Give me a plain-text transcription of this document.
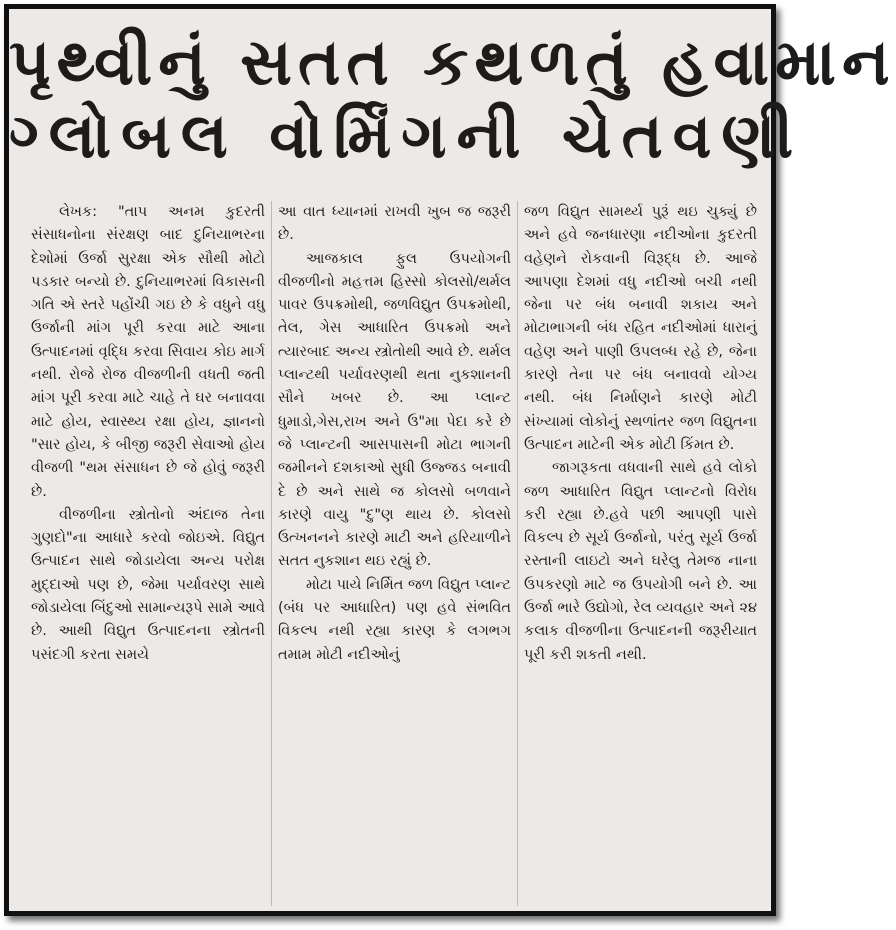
પૃથ્વીનું સતત કથળતું હવામાન
ગ્લોબલ વોર્મિંગની ચેતવણી

લેખક: "તાપ અનમ કુદરતી સંસાધનોના સંરક્ષણ બાદ દુનિયાભરના દેશોમાં ઉર્જા સુરક્ષા એક સૌથી મોટો પડકાર બન્યો છે. દુનિયાભરમાં વિકાસની ગતિ એ સ્તરે પહોંચી ગઇ છે કે વધુને વધુ ઉર્જાની માંગ પૂરી કરવા માટે આના ઉત્પાદનમાં વૃદ્ધિ કરવા સિવાય કોઇ માર્ગ નથી. રોજે રોજ વીજળીની વધતી જતી માંગ પૂરી કરવા માટે ચાહે તે ઘર બનાવવા માટે હોય, સ્વાસ્થ્ય રક્ષા હોય, જ્ઞાનનો "સાર હોય, કે બીજી જરૂરી સેવાઓ હોય વીજળી "થમ સંસાધન છે જે હોવું જરૂરી છે.

વીજળીના સ્ત્રોતોનો અંદાજ તેના ગુણદો"ના આધારે કરવો જોઇએ. વિદ્યુત ઉત્પાદન સાથે જોડાયેલા અન્ય પરોક્ષ મુદ્દાઓ પણ છે, જેમા પર્યાવરણ સાથે જોડાયેલા બિંદુઓ સામાન્યરૂપે સામે આવે છે. આથી વિદ્યુત ઉત્પાદનના સ્ત્રોતની પસંદગી કરતા સમયે

આ વાત ધ્યાનમાં રાખવી ખુબ જ જરૂરી છે.

આજકાલ ફુલ ઉપયોગની વીજળીનો મહત્તમ હિસ્સો કોલસો/થર્મલ પાવર ઉપક્રમોથી, જળવિદ્યુત ઉપક્રમોથી, તેલ, ગેસ આધારિત ઉપક્રમો અને ત્યારબાદ અન્ય સ્ત્રોતોથી આવે છે. થર્મલ પ્લાન્ટથી પર્યાવરણથી થતા નુકશાનની સૌને ખબર છે. આ પ્લાન્ટ ધુમાડો,ગેસ,રાખ અને ઉ"મા પેદા કરે છે જે પ્લાન્ટની આસપાસની મોટા ભાગની જમીનને દશકાઓ સુધી ઉજ્જડ બનાવી દે છે અને સાથે જ કોલસો બળવાને કારણે વાયુ "દુ"ણ થાય છે. કોલસો ઉત્ખનનને કારણે માટી અને હરિયાળીને સતત નુકશાન થઇ રહ્યું છે.

મોટા પાયે નિર્મિત જળ વિદ્યુત પ્લાન્ટ (બંધ પર આધારિત) પણ હવે સંભવિત વિકલ્પ નથી રહ્યા કારણ કે લગભગ તમામ મોટી નદીઓનું

જળ વિદ્યુત સામર્થ્ય પુરૂં થઇ ચુક્યું છે અને હવે જનધારણા નદીઓના કુદરતી વહેણને રોકવાની વિરૂદ્ધ છે. આજે આપણા દેશમાં વધુ નદીઓ બચી નથી જેના પર બંધ બનાવી શકાય અને મોટાભાગની બંધ રહિત નદીઓમાં ધારાનું વહેણ અને પાણી ઉપલબ્ધ રહે છે, જેના કારણે તેના પર બંધ બનાવવો યોગ્ય નથી. બંધ નિર્માણને કારણે મોટી સંખ્યામાં લોકોનું સ્થળાંતર જળ વિદ્યુતના ઉત્પાદન માટેની એક મોટી કિંમત છે.

જાગરૂકતા વધવાની સાથે હવે લોકો જળ આધારિત વિદ્યુત પ્લાન્ટનો વિરોધ કરી રહ્યા છે.હવે પછી આપણી પાસે વિકલ્પ છે સૂર્ય ઉર્જાનો, પરંતુ સૂર્ય ઉર્જા રસ્તાની લાઇટો અને ઘરેલુ તેમજ નાના ઉપકરણો માટે જ ઉપયોગી બને છે. આ ઉર્જા ભારે ઉદ્યોગો, રેલ વ્યવહાર અને ૨૪ કલાક વીજળીના ઉત્પાદનની જરૂરીયાત પૂરી કરી શકતી નથી.
